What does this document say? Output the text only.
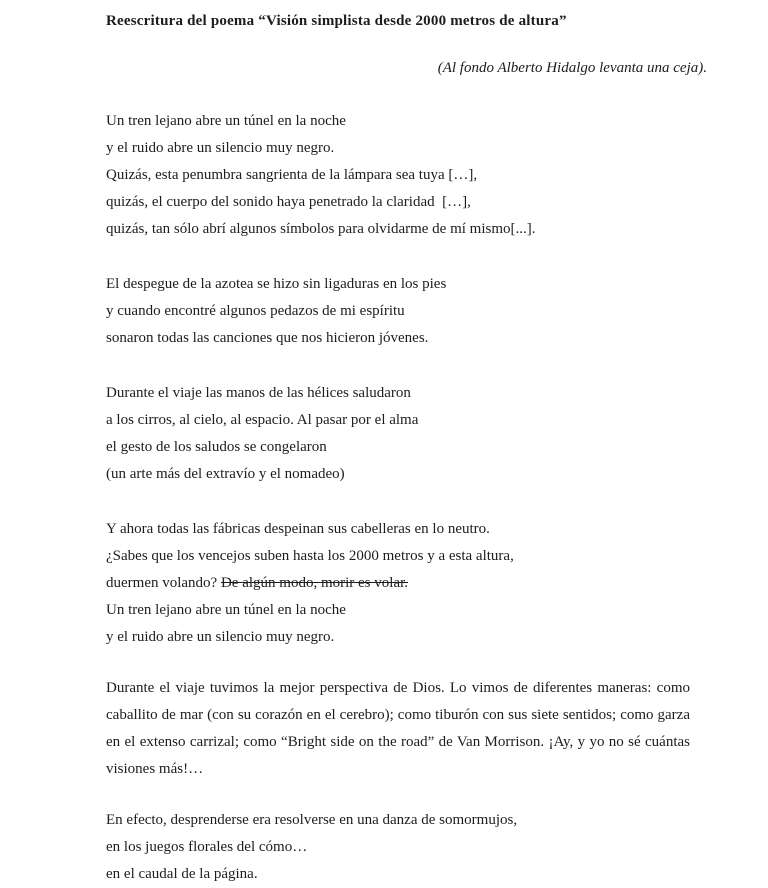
Reescritura del poema “Visión simplista desde 2000 metros de altura”

(Al fondo Alberto Hidalgo levanta una ceja).

Un tren lejano abre un túnel en la noche
y el ruido abre un silencio muy negro.
Quizás, esta penumbra sangrienta de la lámpara sea tuya […],
quizás, el cuerpo del sonido haya penetrado la claridad  […],
quizás, tan sólo abrí algunos símbolos para olvidarme de mí mismo[...].

El despegue de la azotea se hizo sin ligaduras en los pies
y cuando encontré algunos pedazos de mi espíritu
sonaron todas las canciones que nos hicieron jóvenes.

Durante el viaje las manos de las hélices saludaron
a los cirros, al cielo, al espacio. Al pasar por el alma
el gesto de los saludos se congelaron
(un arte más del extravío y el nomadeo)

Y ahora todas las fábricas despeinan sus cabelleras en lo neutro.
¿Sabes que los vencejos suben hasta los 2000 metros y a esta altura,
duermen volando? De algún modo, morir es volar.
Un tren lejano abre un túnel en la noche
y el ruido abre un silencio muy negro.

Durante el viaje tuvimos la mejor perspectiva de Dios. Lo vimos de diferentes maneras: como caballito de mar (con su corazón en el cerebro); como tiburón con sus siete sentidos; como garza en el extenso carrizal; como “Bright side on the road” de Van Morrison. ¡Ay, y yo no sé cuántas visiones más!…

En efecto, desprenderse era resolverse en una danza de somormujos,
en los juegos florales del cómo…
en el caudal de la página.
